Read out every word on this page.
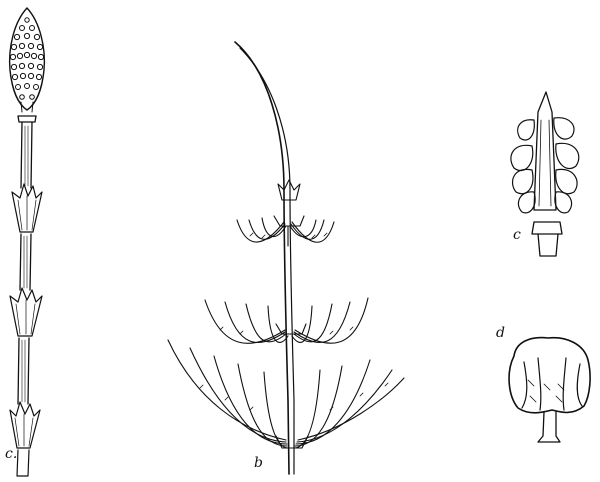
c.
b
c
d
